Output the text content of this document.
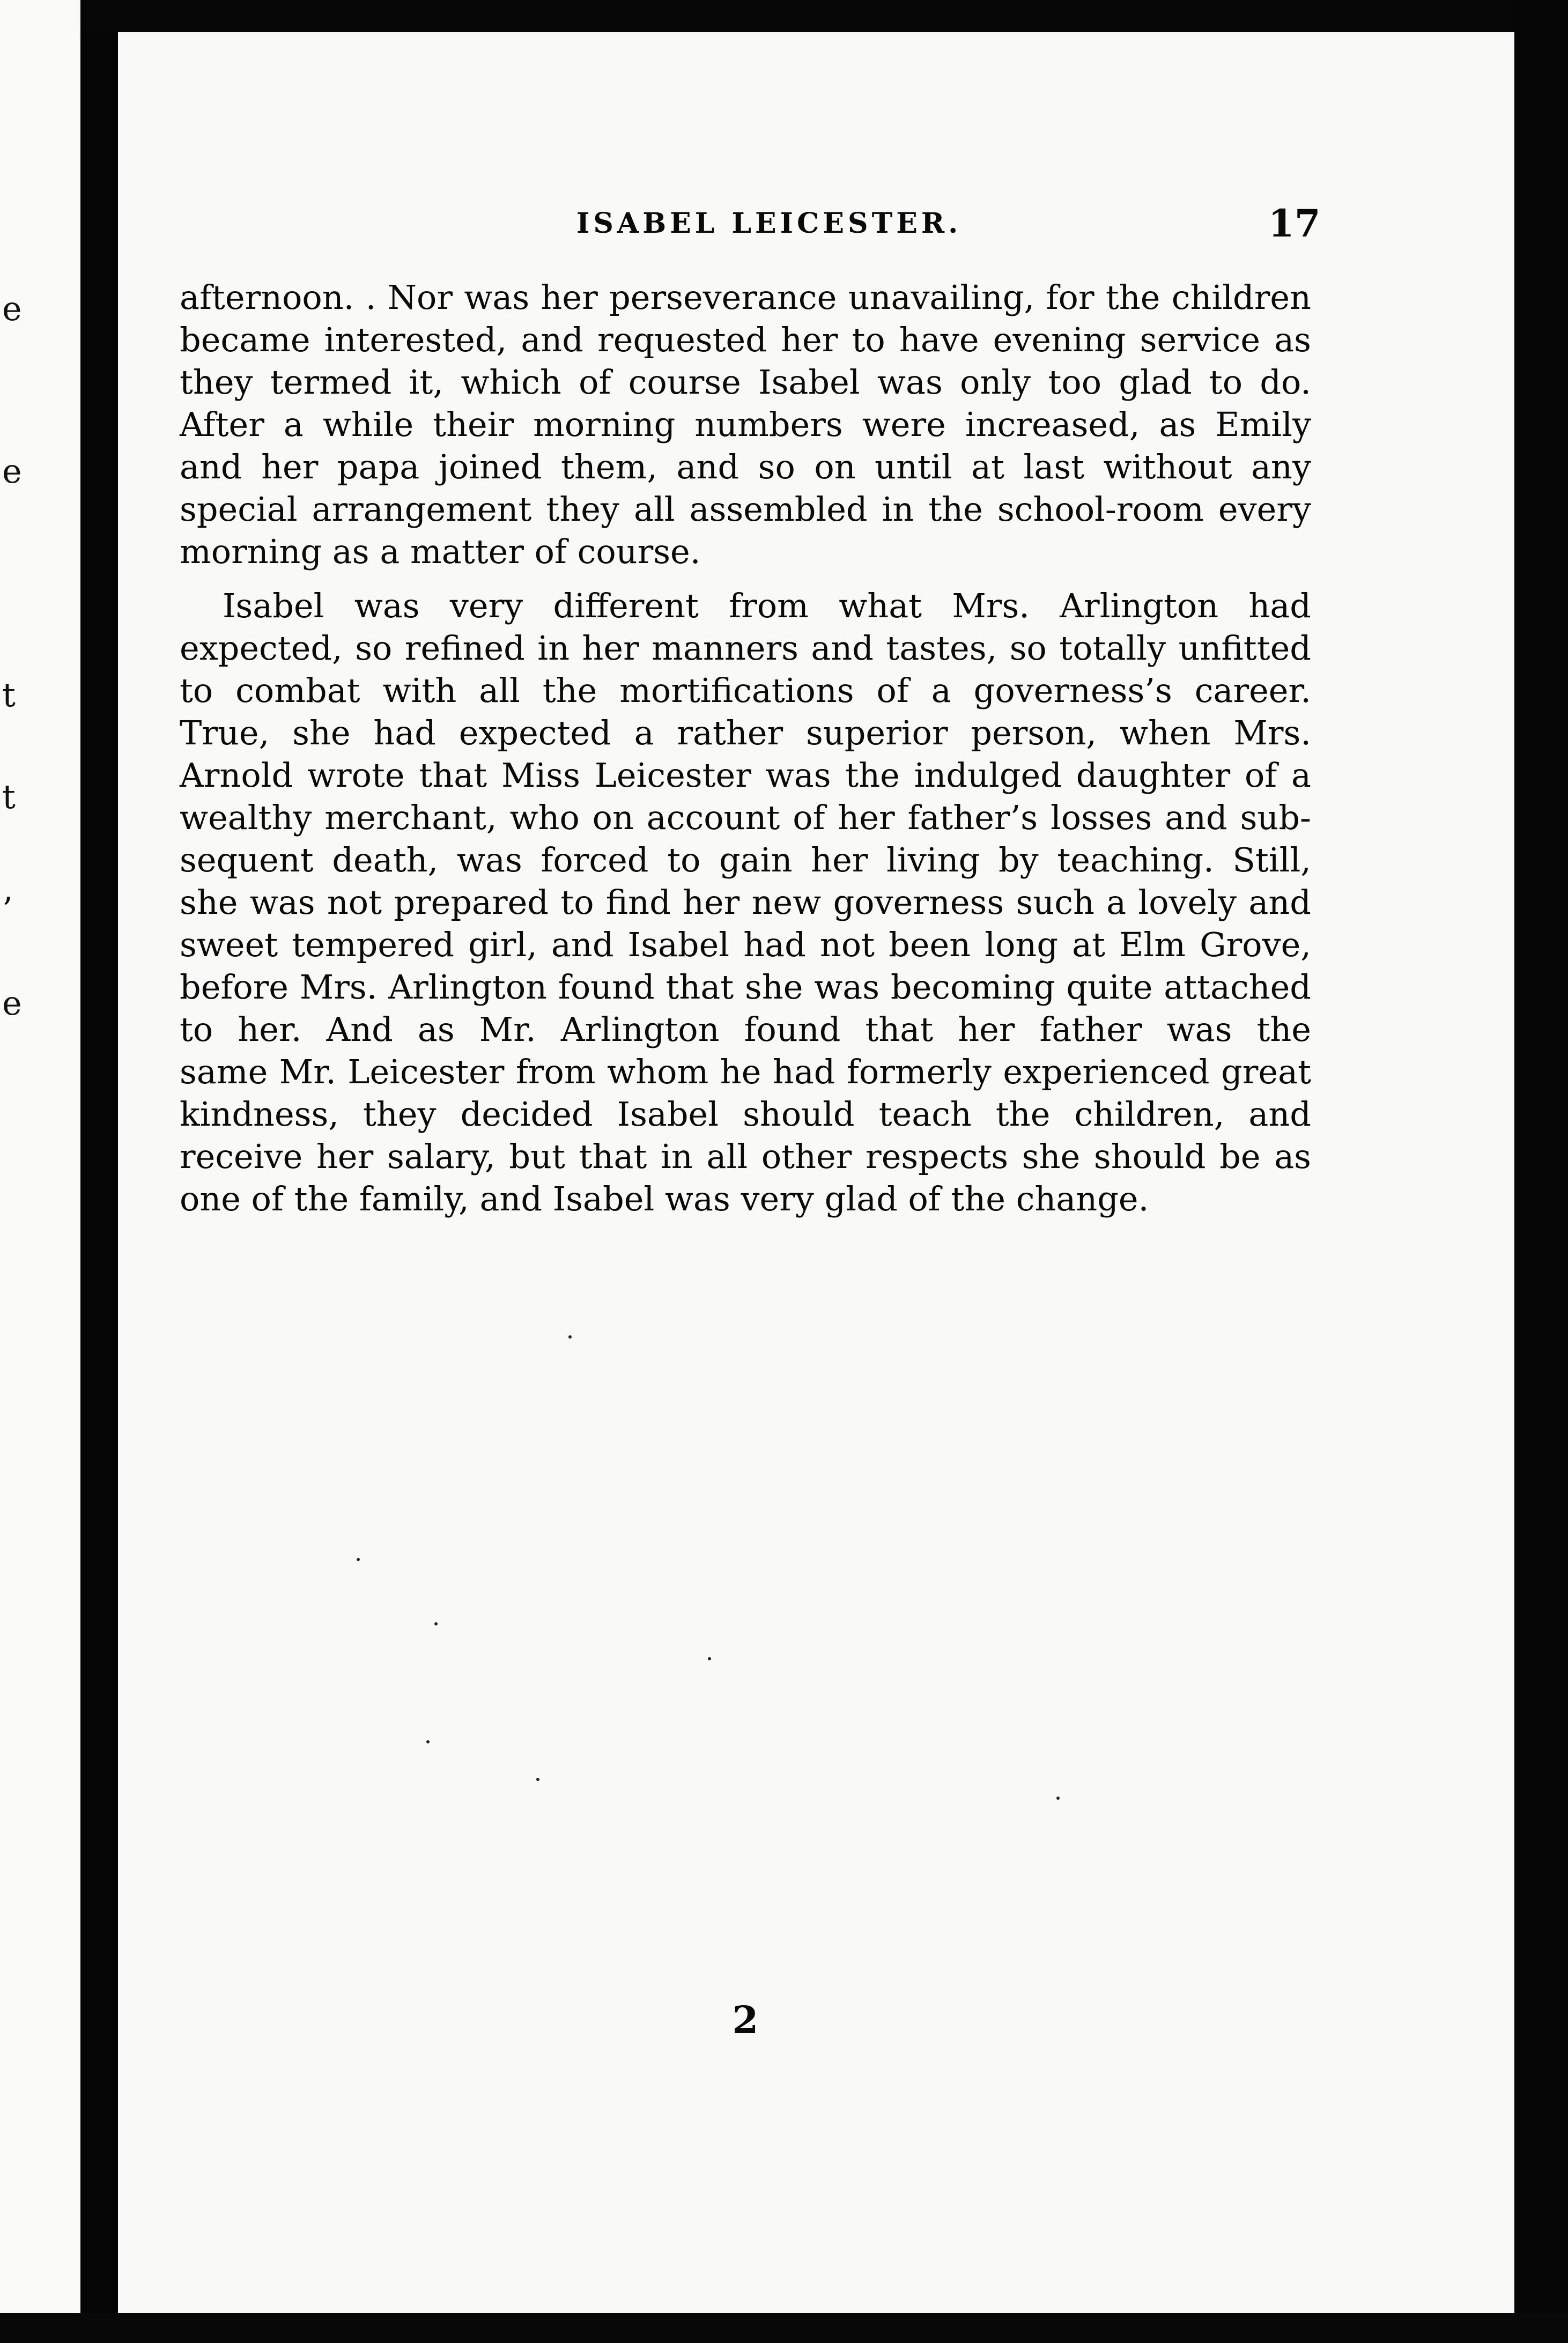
e
e
t
t
’
e
ISABEL LEICESTER.	17
afternoon. . Nor was her perseverance unavailing, for the children
became interested, and requested her to have evening service as
they termed it, which of course Isabel was only too glad to do.
After a while their morning numbers were increased, as Emily
and her papa joined them, and so on until at last without any
special arrangement they all assembled in the school-room every
morning as a matter of course.
Isabel was very different from what Mrs. Arlington had
expected, so refined in her manners and tastes, so totally unfitted
to combat with all the mortifications of a governess’s career.
True, she had expected a rather superior person, when Mrs.
Arnold wrote that Miss Leicester was the indulged daughter of a
wealthy merchant, who on account of her father’s losses and sub-
sequent death, was forced to gain her living by teaching. Still,
she was not prepared to find her new governess such a lovely and
sweet tempered girl, and Isabel had not been long at Elm Grove,
before Mrs. Arlington found that she was becoming quite attached
to her. And as Mr. Arlington found that her father was the
same Mr. Leicester from whom he had formerly experienced great
kindness, they decided Isabel should teach the children, and
receive her salary, but that in all other respects she should be as
one of the family, and Isabel was very glad of the change.
2
